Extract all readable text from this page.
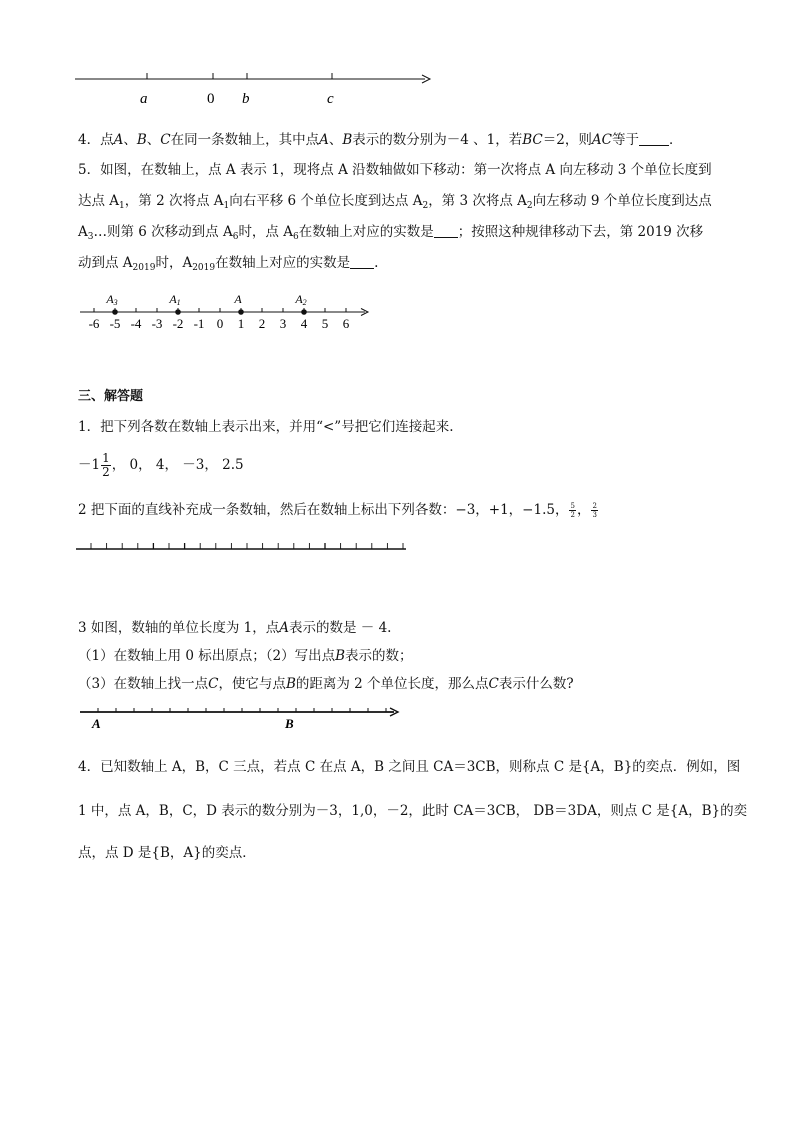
a	0 b	c
4．点A、B、C在同一条数轴上，其中点A、B表示的数分别为－4 、1，若BC＝2，则AC等于 ．
5．如图，在数轴上，点 A 表示 1，现将点 A 沿数轴做如下移动：第一次将点 A 向左移动 3 个单位长度到
达点 $A_1$，第 2 次将点 $A_1$向右平移 6 个单位长度到达点 $A_2$，第 3 次将点 $A_2$向左移动 9 个单位长度到达点
$A_3\dots$则第 6 次移动到点 $A_6$时，点 $A_6$在数轴上对应的实数是 ；按照这种规律移动下去，第 2019 次移
动到点 $A_{2019}$时，$A_{2019}$在数轴上对应的实数是 .
-6 -5 -4 -3 -2 -1 0 1 2 3 4 5 6
A3	A1	A	A2
三、解答题
1．把下列各数在数轴上表示出来，并用“<”号把它们连接起来.
$-1 \frac{1}{2}$ ， 0， 4， －3， 2.5
2 把下面的直线补充成一条数轴，然后在数轴上标出下列各数：−3，+1，−1.5， $\frac{5}{2}$ ， $\frac{2}{3}$
3 如图，数轴的单位长度为 1，点A表示的数是 － 4.
（1）在数轴上用 0 标出原点；（2）写出点B表示的数；
（3）在数轴上找一点C，使它与点B的距离为 2 个单位长度，那么点C表示什么数?
A	B
4．已知数轴上 A，B，C 三点，若点 C 在点 A，B 之间且 CA＝3CB，则称点 C 是{A，B}的奕点．例如，图
1 中，点 A，B，C，D 表示的数分别为－3，1,0，－2，此时 CA＝3CB， DB＝3DA，则点 C 是{A，B}的奕
点，点 D 是{B，A}的奕点．
